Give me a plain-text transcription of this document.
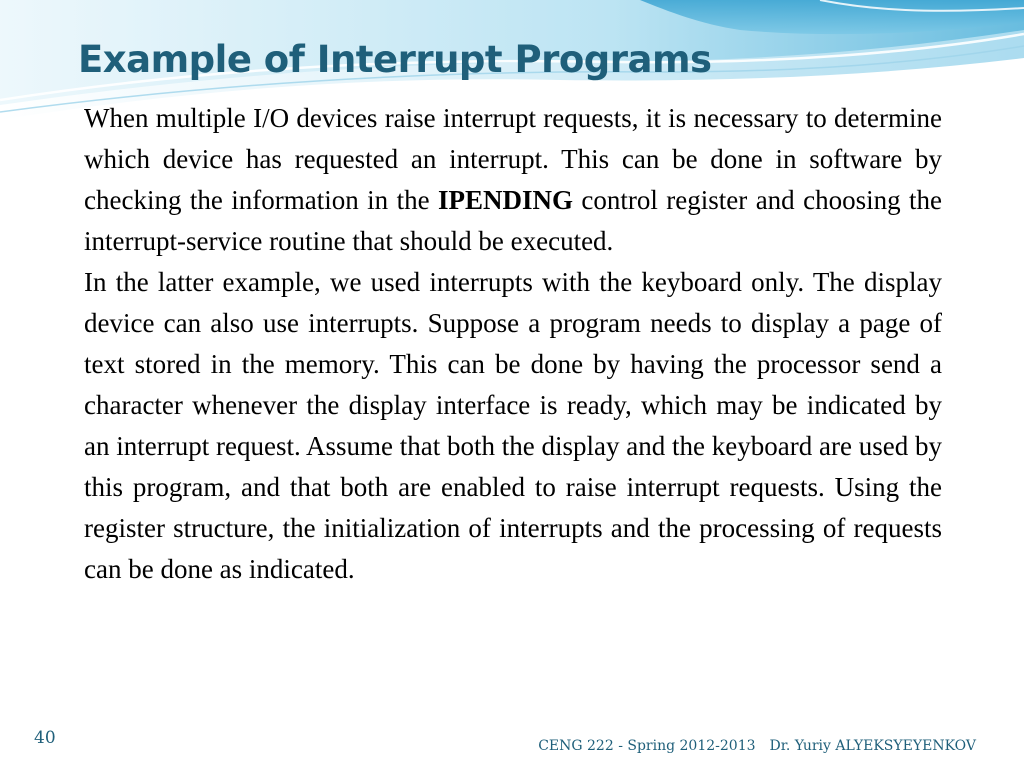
Example of Interrupt Programs

When multiple I/O devices raise interrupt requests, it is necessary to determine which device has requested an interrupt. This can be done in software by checking the information in the IPENDING control register and choosing the interrupt-service routine that should be executed.

In the latter example, we used interrupts with the keyboard only. The display device can also use interrupts. Suppose a program needs to display a page of text stored in the memory. This can be done by having the processor send a character whenever the display interface is ready, which may be indicated by an interrupt request. Assume that both the display and the keyboard are used by this program, and that both are enabled to raise interrupt requests. Using the register structure, the initialization of interrupts and the processing of requests can be done as indicated.

40	CENG 222 - Spring 2012-2013 Dr. Yuriy ALYEKSYEYENKOV
